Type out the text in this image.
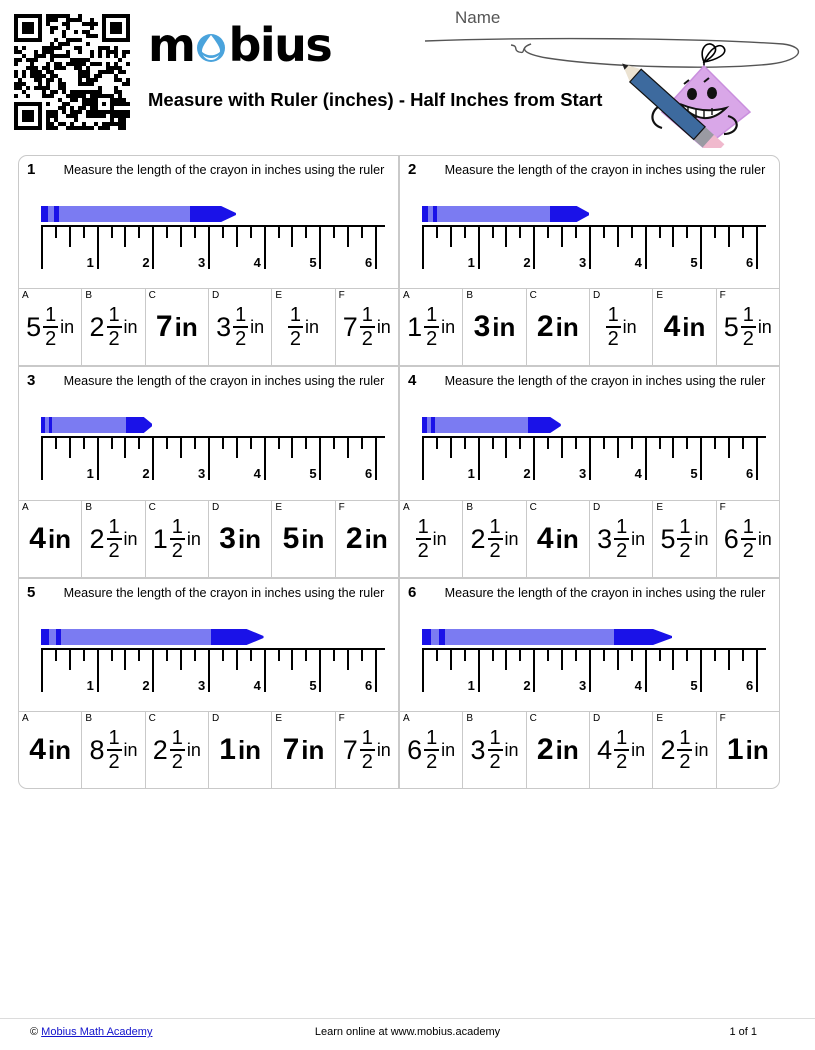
m bius
Measure with Ruler (inches) - Half Inches from Start
Name
1	Measure the length of the crayon in inches using the ruler
1	2	3	4	5	6
A
$5 \frac{1}{2}$ in
B
$2 \frac{1}{2}$ in
C
7 in
D
$3 \frac{1}{2}$ in
E
$\frac{1}{2}$ in
F
$7 \frac{1}{2}$ in
2	Measure the length of the crayon in inches using the ruler
1	2	3	4	5	6
A
$1 \frac{1}{2}$ in
B
3 in
C
2 in
D
$\frac{1}{2}$ in
E
4 in
F
$5 \frac{1}{2}$ in
3	Measure the length of the crayon in inches using the ruler
1	2	3	4	5	6
A
4 in
B
$2 \frac{1}{2}$ in
C
$1 \frac{1}{2}$ in
D
3 in
E
5 in
F
2 in
4	Measure the length of the crayon in inches using the ruler
1	2	3	4	5	6
A
$\frac{1}{2}$ in
B
$2 \frac{1}{2}$ in
C
4 in
D
$3 \frac{1}{2}$ in
E
$5 \frac{1}{2}$ in
F
$6 \frac{1}{2}$ in
5	Measure the length of the crayon in inches using the ruler
1	2	3	4	5	6
A
4 in
B
$8 \frac{1}{2}$ in
C
$2 \frac{1}{2}$ in
D
1 in
E
7 in
F
$7 \frac{1}{2}$ in
6	Measure the length of the crayon in inches using the ruler
1	2	3	4	5	6
A
$6 \frac{1}{2}$ in
B
$3 \frac{1}{2}$ in
C
2 in
D
$4 \frac{1}{2}$ in
E
$2 \frac{1}{2}$ in
F
1 in
© Mobius Math Academy	Learn online at www.mobius.academy	1 of 1
